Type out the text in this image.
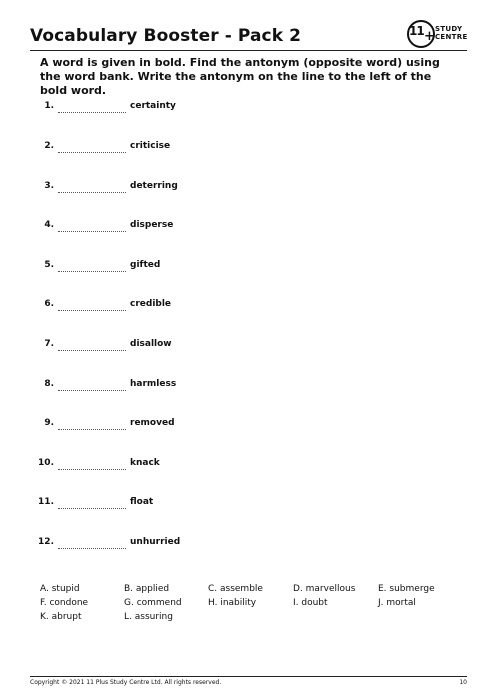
Vocabulary Booster - Pack 2	11 + STUDY
CENTRE
A word is given in bold. Find the antonym (opposite word) using the word bank. Write the antonym on the line to the left of the bold word.
1.	certainty
2.	criticise
3.	deterring
4.	disperse
5.	gifted
6.	credible
7.	disallow
8.	harmless
9.	removed
10.	knack
11.	float
12.	unhurried
A. stupid	B. applied	C. assemble	D. marvellous	E. submerge
F. condone	G. commend	H. inability	I. doubt	J. mortal
K. abrupt	L. assuring
Copyright © 2021 11 Plus Study Centre Ltd. All rights reserved.	10
